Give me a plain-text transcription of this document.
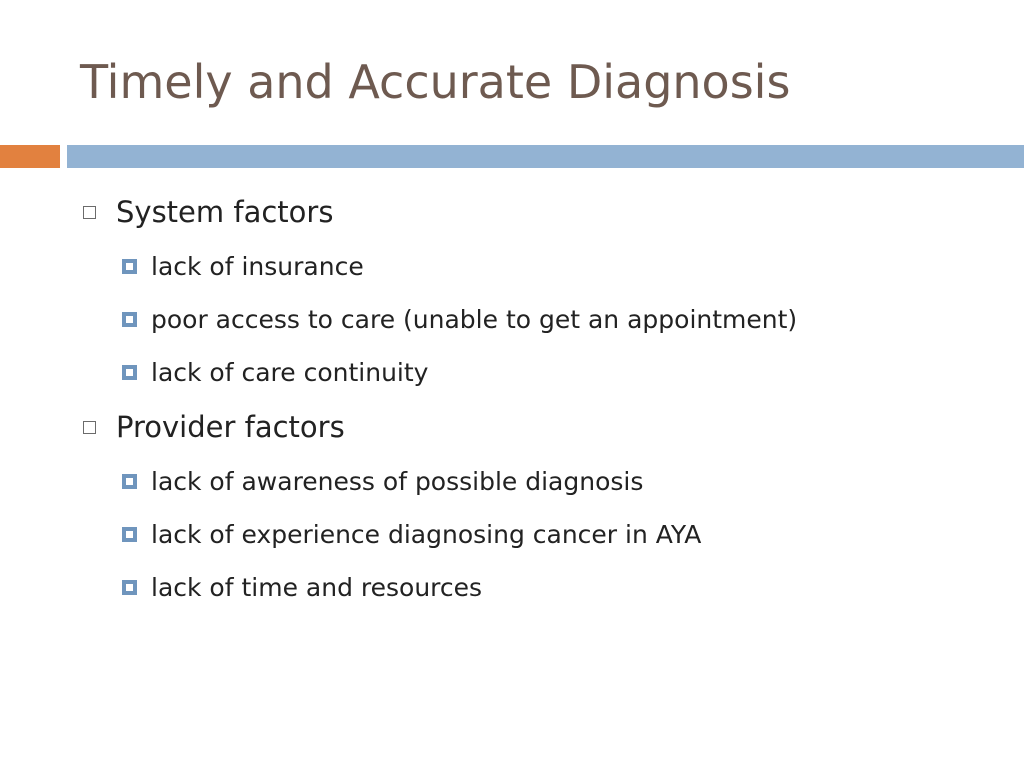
Timely and Accurate Diagnosis
System factors
lack of insurance
poor access to care (unable to get an appointment)
lack of care continuity
Provider factors
lack of awareness of possible diagnosis
lack of experience diagnosing cancer in AYA
lack of time and resources
